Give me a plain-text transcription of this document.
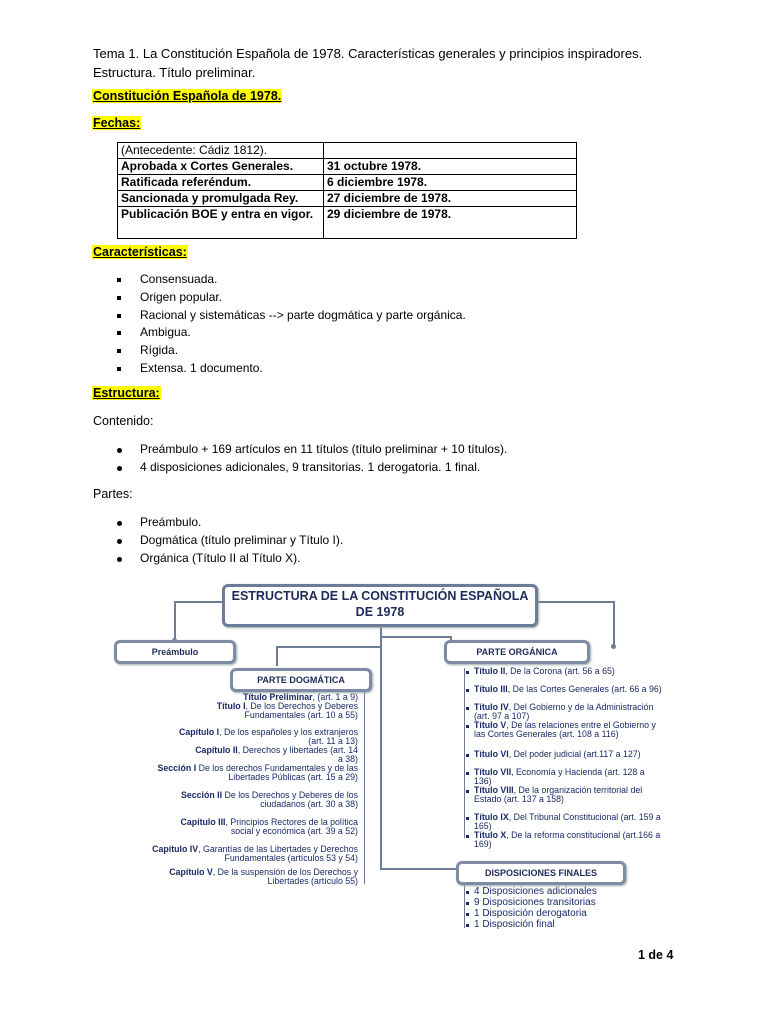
Tema 1. La Constitución Española de 1978. Características generales y principios inspiradores. Estructura. Título preliminar.
Constitución Española de 1978.
Fechas:
(Antecedente: Cádiz 1812).	
Aprobada x Cortes Generales.	31 octubre 1978.
Ratificada referéndum.	6 diciembre 1978.
Sancionada y promulgada Rey.	27 diciembre de 1978.
Publicación BOE y entra en vigor.	29 diciembre de 1978.
Características:
Consensuada.
Origen popular.
Racional y sistemáticas --> parte dogmática y parte orgánica.
Ambigua.
Rígida.
Extensa. 1 documento.
Estructura:
Contenido:
Preámbulo + 169 artículos en 11 títulos (título preliminar + 10 títulos).
4 disposiciones adicionales, 9 transitorias. 1 derogatoria. 1 final.
Partes:
Preámbulo.
Dogmática (título preliminar y Título I).
Orgánica (Título II al Título X).
ESTRUCTURA DE LA CONSTITUCIÓN ESPAÑOLA DE 1978
Preámbulo
PARTE DOGMÁTICA
PARTE ORGÁNICA
DISPOSICIONES FINALES
Título Preliminar, (art. 1 a 9)
Título I, De los Derechos y Deberes Fundamentales (art. 10 a 55)
Capítulo I, De los españoles y los extranjeros (art. 11 a 13)
Capítulo II, Derechos y libertades (art. 14 a 38)
Sección I De los derechos Fundamentales y de las Libertades Públicas (art. 15 a 29)
Sección II De los Derechos y Deberes de los ciudadanos (art. 30 a 38)
Capítulo III, Principios Rectores de la política social y económica (art. 39 a 52)
Capítulo IV, Garantías de las Libertades y Derechos Fundamentales (artículos 53 y 54)
Capítulo V, De la suspensión de los Derechos y Libertades (artículo 55)
Título II, De la Corona (art. 56 a 65)
Título III, De las Cortes Generales (art. 66 a 96)
Título IV, Del Gobierno y de la Administración (art. 97 a 107)
Título V, De las relaciones entre el Gobierno y las Cortes Generales (art. 108 a 116)
Título VI, Del poder judicial (art.117 a 127)
Título VII, Economía y Hacienda (art. 128 a 136)
Título VIII, De la organización territorial del Estado (art. 137 a 158)
Título IX, Del Tribunal Constitucional (art. 159 a 165)
Título X, De la reforma constitucional (art.166 a 169)
4 Disposiciones adicionales
9 Disposiciones transitorias
1 Disposición derogatoria
1 Disposición final
1 de 4
